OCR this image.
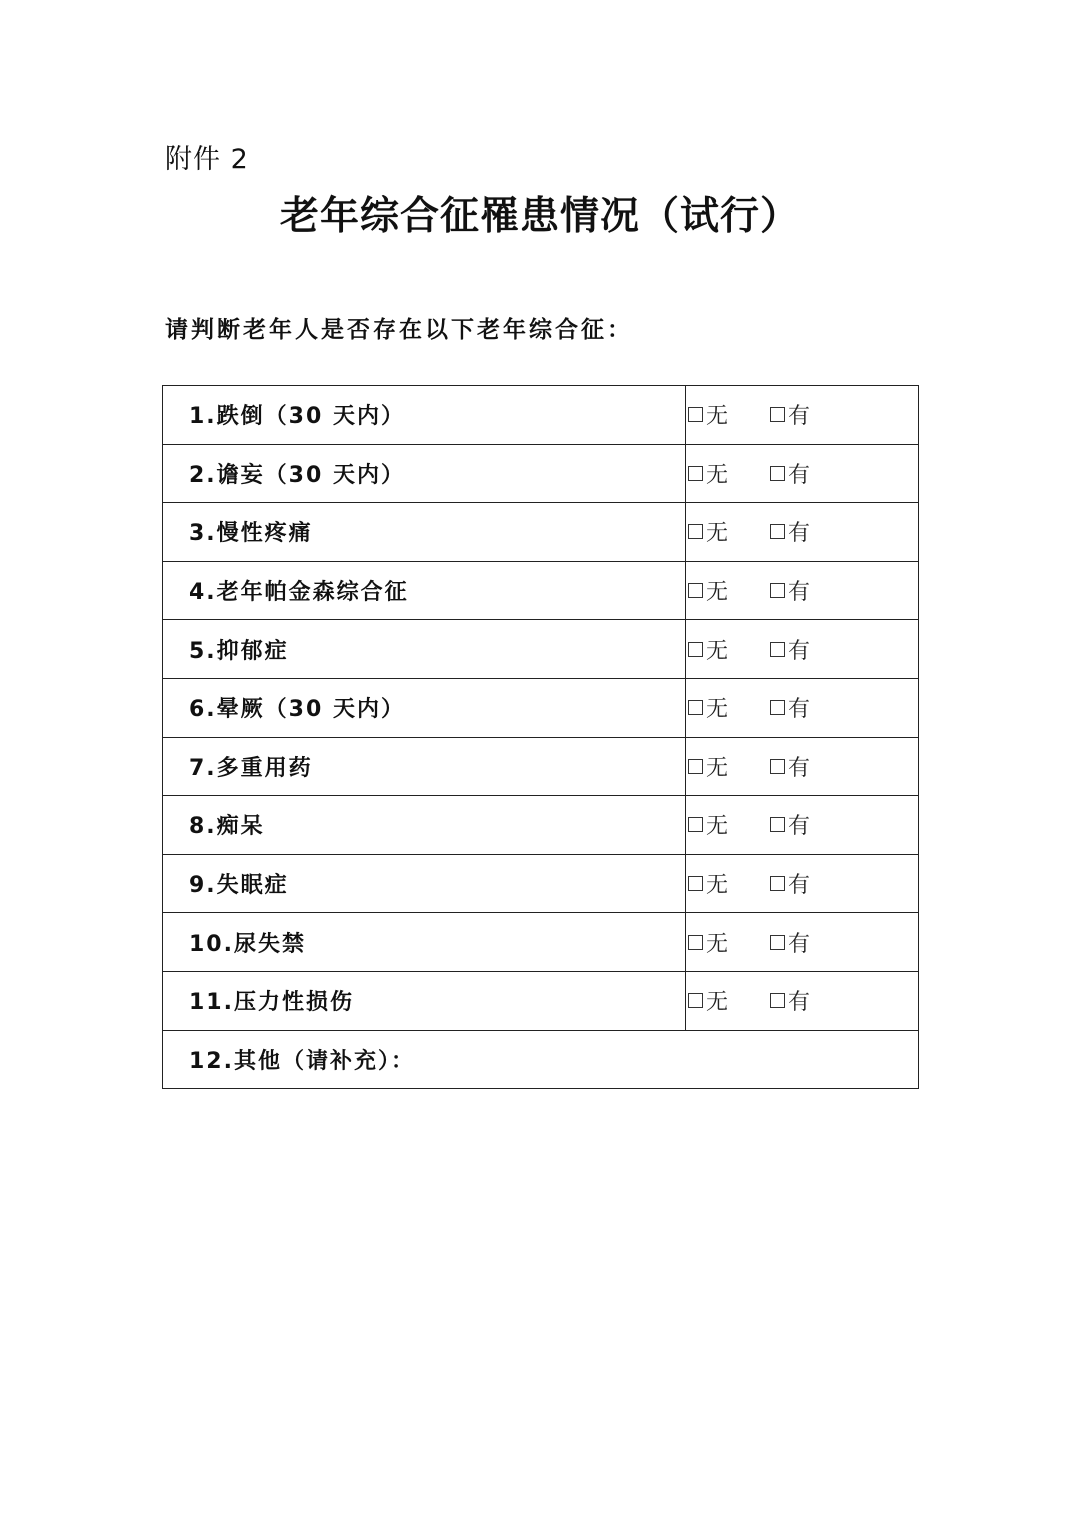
附件 2
老年综合征罹患情况（试行）
请判断老年人是否存在以下老年综合征：
1.跌倒（30 天内）	无 有

2.谵妄（30 天内）	无 有

3.慢性疼痛	无 有

4.老年帕金森综合征	无 有

5.抑郁症	无 有

6.晕厥（30 天内）	无 有

7.多重用药	无 有

8.痴呆	无 有

9.失眠症	无 有

10.尿失禁	无 有

11.压力性损伤	无 有

12.其他（请补充）：	
